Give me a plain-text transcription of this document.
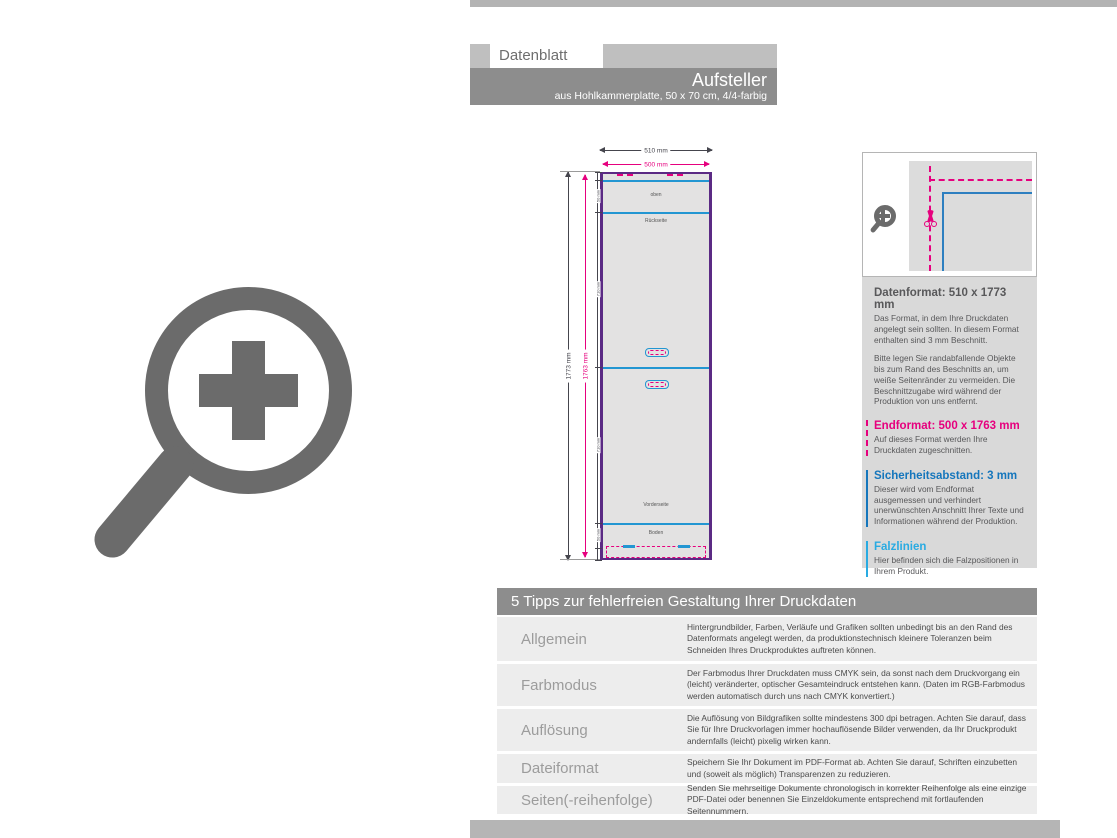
Datenblatt
Aufsteller
aus Hohlkammerplatte, 50 x 70 cm, 4/4-farbig
oben
Rückseite
Vorderseite
Boden
510 mm
500 mm
1773 mm 1763 mm
50 mm
710 mm
710 mm
50 mm
Datenformat: 510 x 1773 mm

Das Format, in dem Ihre Druckdaten angelegt sein sollten. In diesem Format enthalten sind 3 mm Beschnitt.

Bitte legen Sie randabfallende Objekte bis zum Rand des Beschnitts an, um weiße Seitenränder zu vermeiden. Die Beschnittzugabe wird während der Produktion von uns entfernt.

Endformat: 500 x 1763 mm

Auf dieses Format werden Ihre Druckdaten zugeschnitten.

Sicherheitsabstand: 3 mm

Dieser wird vom Endformat ausgemessen und verhindert unerwünschten Anschnitt Ihrer Texte und Informationen während der Produktion.

Falzlinien

Hier befinden sich die Falzpositionen in Ihrem Produkt.

5 Tipps zur fehlerfreien Gestaltung Ihrer Druckdaten
Allgemein
Hintergrundbilder, Farben, Verläufe und Grafiken sollten unbedingt bis an den Rand des Datenformats angelegt werden, da produktionstechnisch kleinere Toleranzen beim Schneiden Ihres Druckproduktes auftreten können.
Farbmodus
Der Farbmodus Ihrer Druckdaten muss CMYK sein, da sonst nach dem Druckvorgang ein (leicht) veränderter, optischer Gesamteindruck entstehen kann. (Daten im RGB-Farbmodus werden automatisch durch uns nach CMYK konvertiert.)
Auflösung
Die Auflösung von Bildgrafiken sollte mindestens 300 dpi betragen. Achten Sie darauf, dass Sie für Ihre Druckvorlagen immer hochauflösende Bilder verwenden, da Ihr Druckprodukt andernfalls (leicht) pixelig wirken kann.
Dateiformat	Speichern Sie Ihr Dokument im PDF-Format ab. Achten Sie darauf, Schriften einzubetten und (soweit als möglich) Transparenzen zu reduzieren.
Seiten(-reihenfolge)
Senden Sie mehrseitige Dokumente chronologisch in korrekter Reihenfolge als eine einzige PDF-Datei oder benennen Sie Einzeldokumente entsprechend mit fortlaufenden Seitennummern.
